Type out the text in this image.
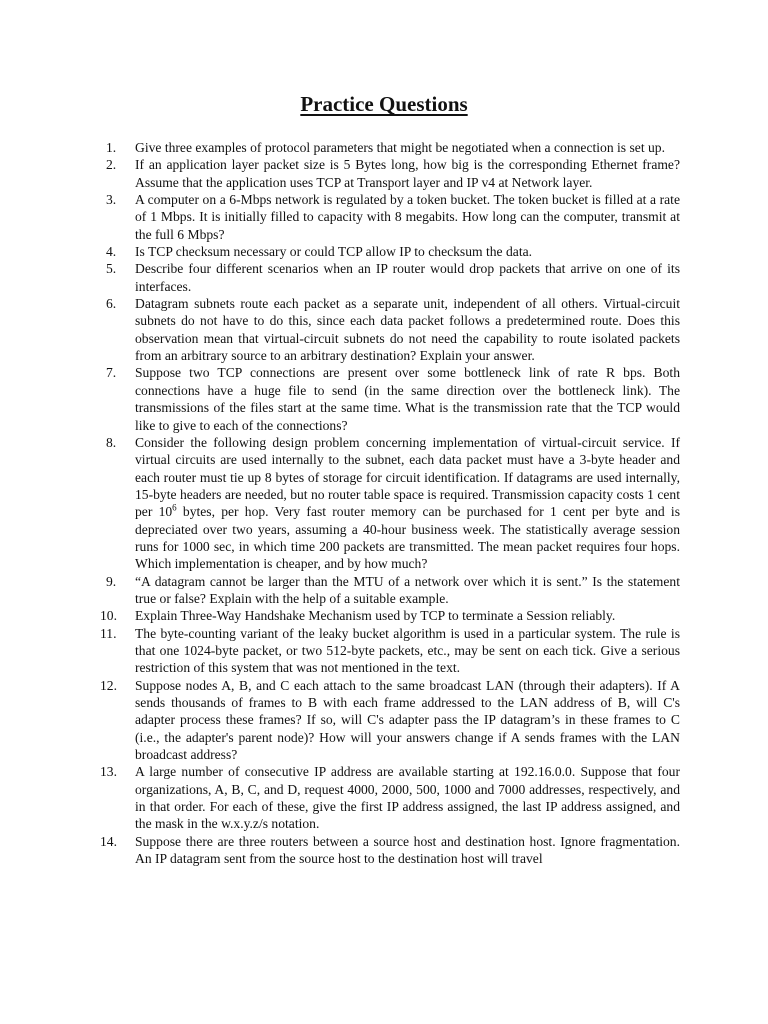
Practice Questions
1. Give three examples of protocol parameters that might be negotiated when a connection is set up.
2. If an application layer packet size is 5 Bytes long, how big is the corresponding Ethernet frame? Assume that the application uses TCP at Transport layer and IP v4 at Network layer.
3. A computer on a 6-Mbps network is regulated by a token bucket. The token bucket is filled at a rate of 1 Mbps. It is initially filled to capacity with 8 megabits. How long can the computer, transmit at the full 6 Mbps?
4. Is TCP checksum necessary or could TCP allow IP to checksum the data.
5. Describe four different scenarios when an IP router would drop packets that arrive on one of its interfaces.
6. Datagram subnets route each packet as a separate unit, independent of all others. Virtual-circuit subnets do not have to do this, since each data packet follows a predetermined route. Does this observation mean that virtual-circuit subnets do not need the capability to route isolated packets from an arbitrary source to an arbitrary destination? Explain your answer.
7. Suppose two TCP connections are present over some bottleneck link of rate R bps. Both connections have a huge file to send (in the same direction over the bottleneck link). The transmissions of the files start at the same time. What is the transmission rate that the TCP would like to give to each of the connections?
8. Consider the following design problem concerning implementation of virtual-circuit service. If virtual circuits are used internally to the subnet, each data packet must have a 3-byte header and each router must tie up 8 bytes of storage for circuit identification. If datagrams are used internally, 15-byte headers are needed, but no router table space is required. Transmission capacity costs 1 cent per $10^6$ bytes, per hop. Very fast router memory can be purchased for 1 cent per byte and is depreciated over two years, assuming a 40-hour business week. The statistically average session runs for 1000 sec, in which time 200 packets are transmitted. The mean packet requires four hops. Which implementation is cheaper, and by how much?
9. “A datagram cannot be larger than the MTU of a network over which it is sent.” Is the statement true or false? Explain with the help of a suitable example.
10. Explain Three-Way Handshake Mechanism used by TCP to terminate a Session reliably.
11. The byte-counting variant of the leaky bucket algorithm is used in a particular system. The rule is that one 1024-byte packet, or two 512-byte packets, etc., may be sent on each tick. Give a serious restriction of this system that was not mentioned in the text.
12. Suppose nodes A, B, and C each attach to the same broadcast LAN (through their adapters). If A sends thousands of frames to B with each frame addressed to the LAN address of B, will C's adapter process these frames? If so, will C's adapter pass the IP datagram’s in these frames to C (i.e., the adapter's parent node)? How will your answers change if A sends frames with the LAN broadcast address?
13. A large number of consecutive IP address are available starting at 192.16.0.0. Suppose that four organizations, A, B, C, and D, request 4000, 2000, 500, 1000 and 7000 addresses, respectively, and in that order. For each of these, give the first IP address assigned, the last IP address assigned, and the mask in the w.x.y.z/s notation.
14. Suppose there are three routers between a source host and destination host. Ignore fragmentation. An IP datagram sent from the source host to the destination host will travel
